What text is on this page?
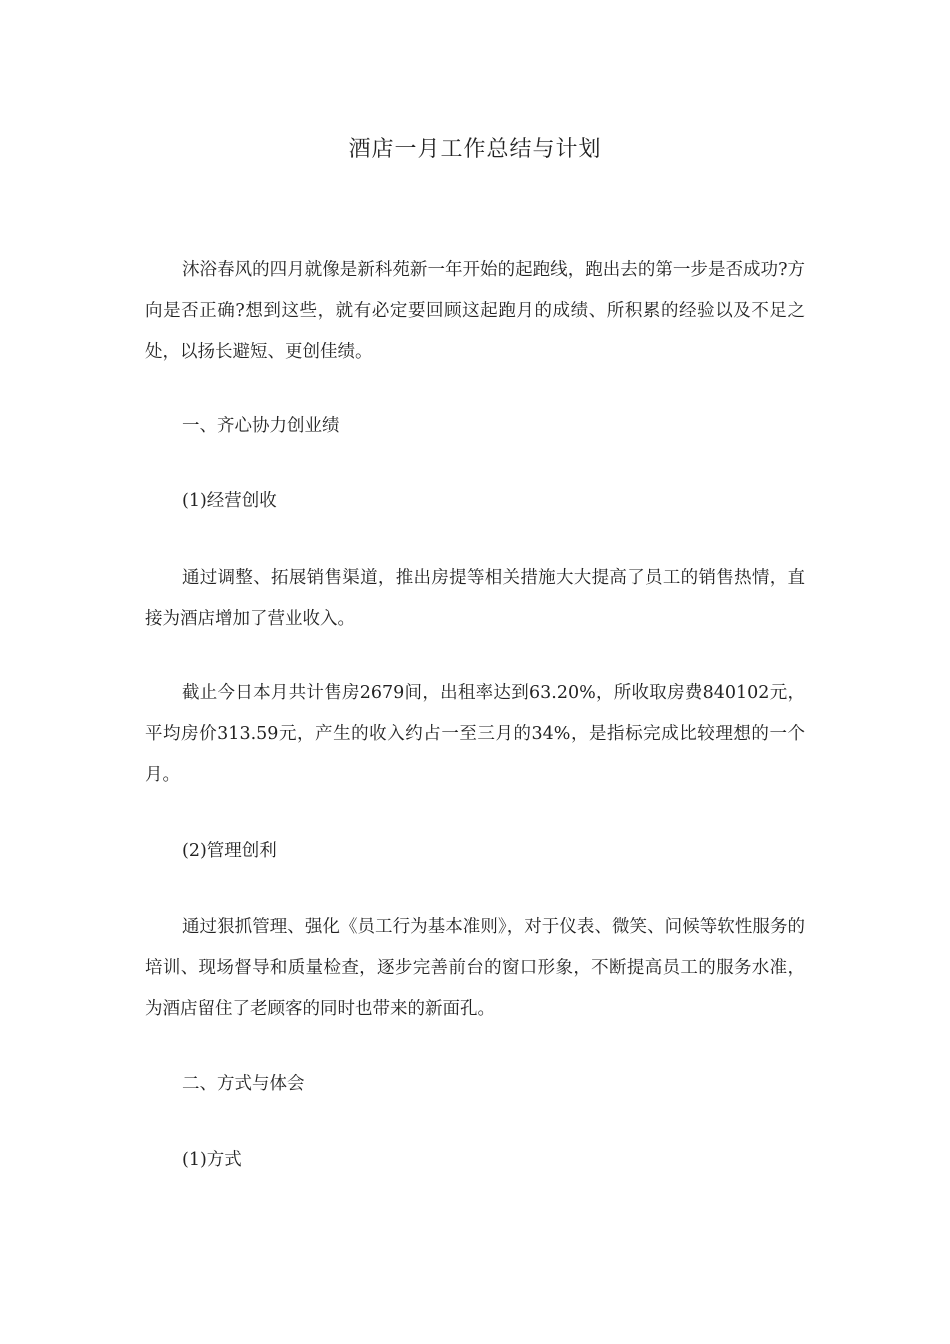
酒店一月工作总结与计划

沐浴春风的四月就像是新科苑新一年开始的起跑线，跑出去的第一步是否成功?方向是否正确?想到这些，就有必定要回顾这起跑月的成绩、所积累的经验以及不足之处，以扬长避短、更创佳绩。

一、齐心协力创业绩

(1)经营创收

通过调整、拓展销售渠道，推出房提等相关措施大大提高了员工的销售热情，直接为酒店增加了营业收入。

截止今日本月共计售房2679间，出租率达到63.20%，所收取房费840102元，平均房价313.59元，产生的收入约占一至三月的34%，是指标完成比较理想的一个月。

(2)管理创利

通过狠抓管理、强化《员工行为基本准则》，对于仪表、微笑、问候等软性服务的培训、现场督导和质量检查，逐步完善前台的窗口形象，不断提高员工的服务水准，为酒店留住了老顾客的同时也带来的新面孔。

二、方式与体会

(1)方式
